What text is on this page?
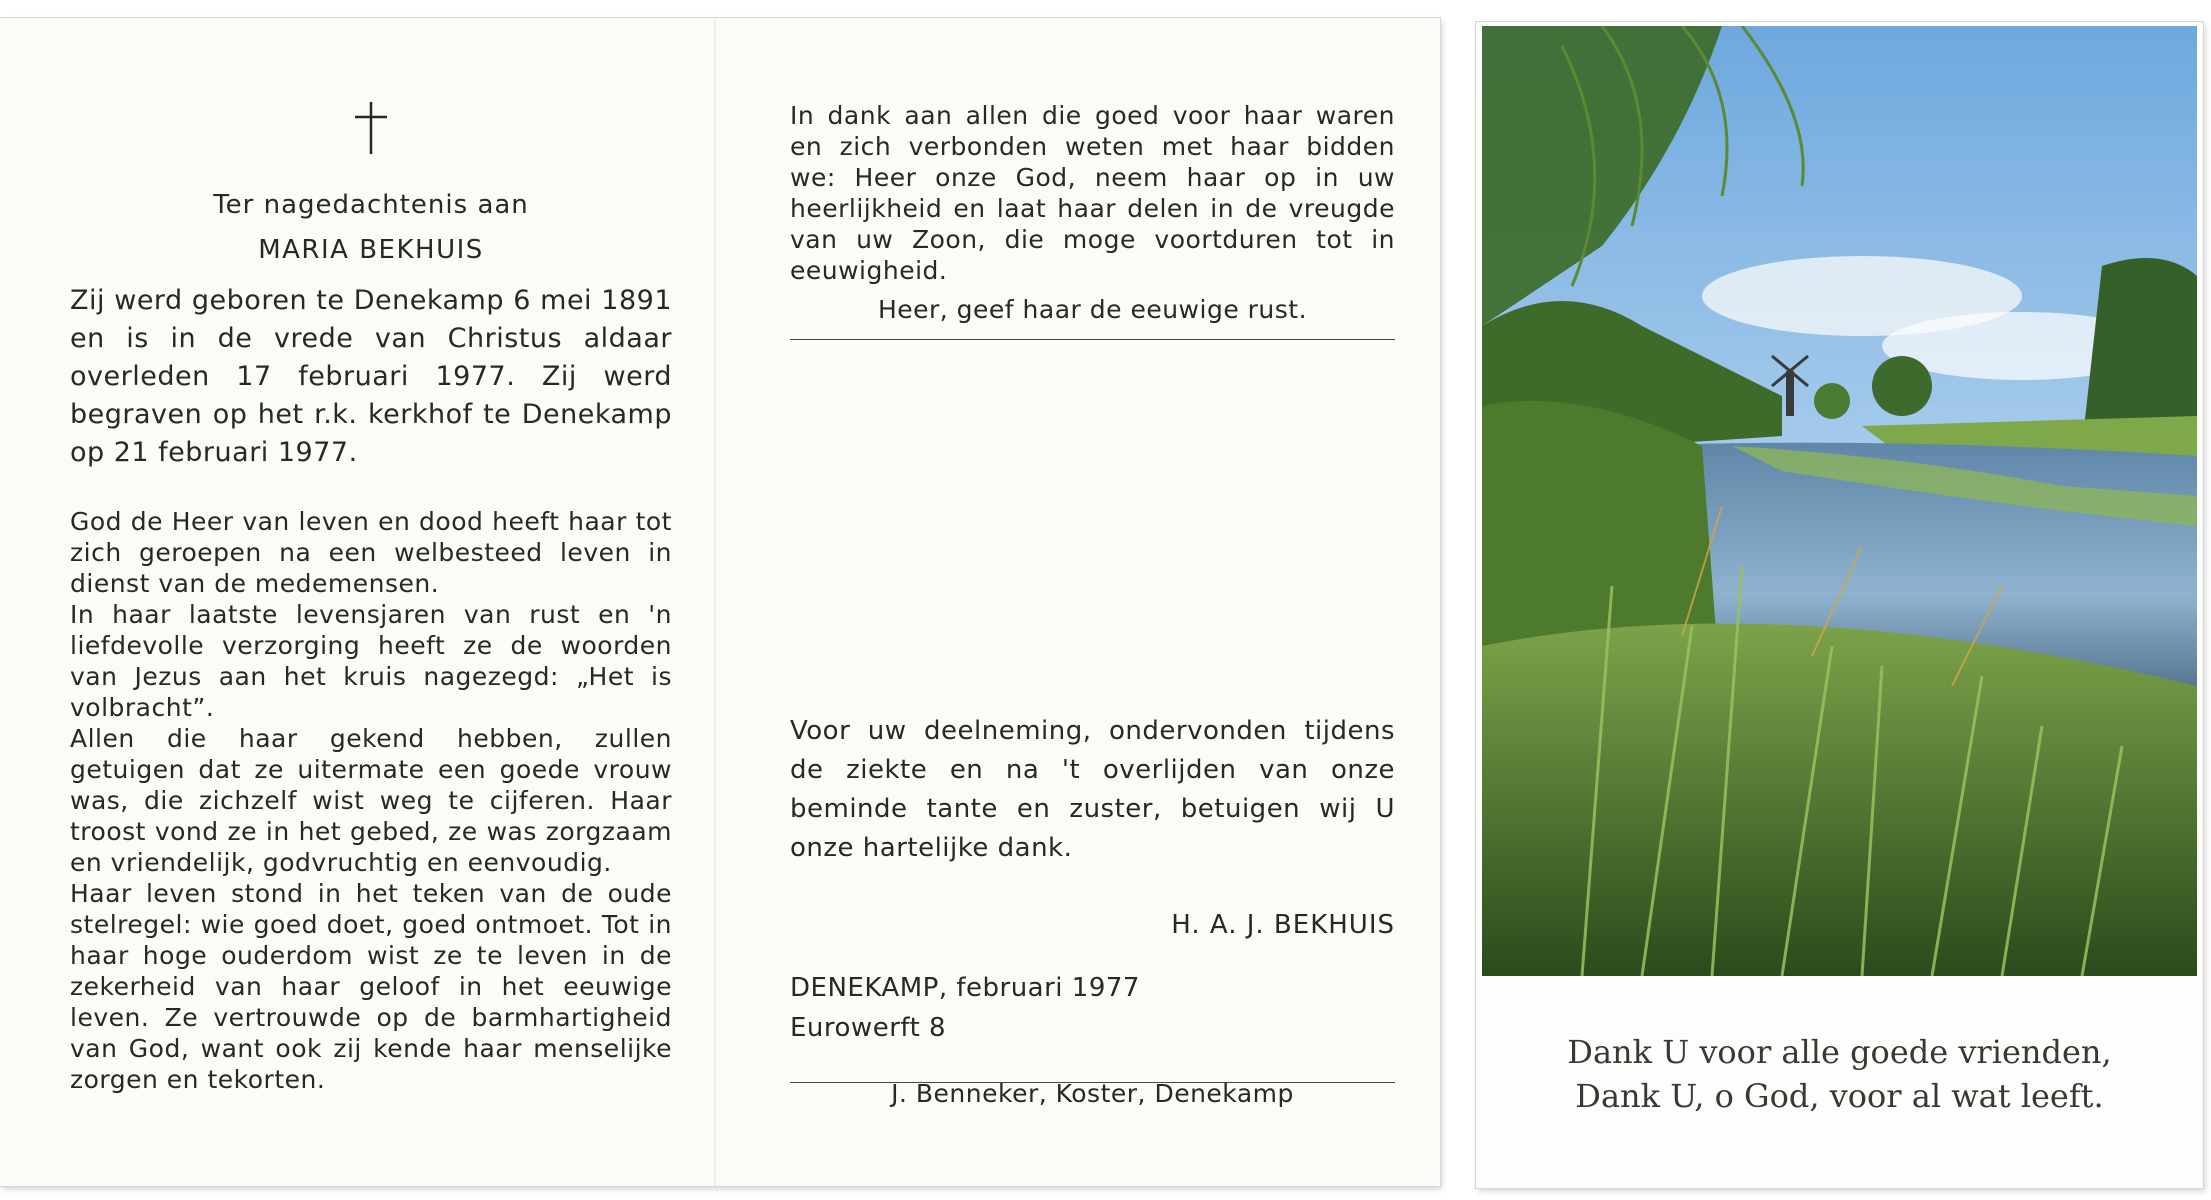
Ter nagedachtenis aan
MARIA BEKHUIS
Zij werd geboren te Denekamp 6 mei 1891 en is in de vrede van Christus aldaar overleden 17 februari 1977. Zij werd begraven op het r.k. kerkhof te Denekamp op 21 februari 1977.

God de Heer van leven en dood heeft haar tot zich geroepen na een welbesteed leven in dienst van de medemensen.

In haar laatste levensjaren van rust en 'n liefdevolle verzorging heeft ze de woorden van Jezus aan het kruis nagezegd: „Het is volbracht”.

Allen die haar gekend hebben, zullen getuigen dat ze uitermate een goede vrouw was, die zichzelf wist weg te cijferen. Haar troost vond ze in het gebed, ze was zorgzaam en vriendelijk, godvruchtig en eenvoudig.

Haar leven stond in het teken van de oude stelregel: wie goed doet, goed ontmoet. Tot in haar hoge ouderdom wist ze te leven in de zekerheid van haar geloof in het eeuwige leven. Ze vertrouwde op de barmhartigheid van God, want ook zij kende haar menselijke zorgen en tekorten.

In dank aan allen die goed voor haar waren en zich verbonden weten met haar bidden we: Heer onze God, neem haar op in uw heerlijkheid en laat haar delen in de vreugde van uw Zoon, die moge voortduren tot in eeuwigheid.

Heer, geef haar de eeuwige rust.
Voor uw deelneming, ondervonden tijdens de ziekte en na 't overlijden van onze beminde tante en zuster, betuigen wij U onze hartelijke dank.
H. A. J. BEKHUIS
DENEKAMP, februari 1977
Eurowerft 8
J. Benneker, Koster, Denekamp
Dank U voor alle goede vrienden,
Dank U, o God, voor al wat leeft.
